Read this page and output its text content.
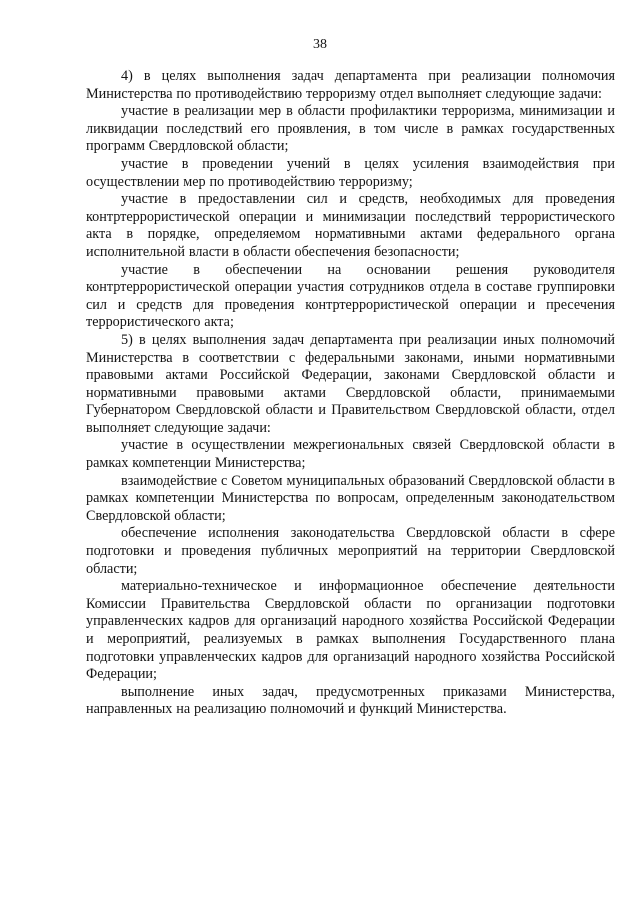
38

4) в целях выполнения задач департамента при реализации полномочия Министерства по противодействию терроризму отдел выполняет следующие задачи:

участие в реализации мер в области профилактики терроризма, минимизации и ликвидации последствий его проявления, в том числе в рамках государственных программ Свердловской области;

участие в проведении учений в целях усиления взаимодействия при осуществлении мер по противодействию терроризму;

участие в предоставлении сил и средств, необходимых для проведения контртеррористической операции и минимизации последствий террористического акта в порядке, определяемом нормативными актами федерального органа исполнительной власти в области обеспечения безопасности;

участие в обеспечении на основании решения руководителя контртеррористической операции участия сотрудников отдела в составе группировки сил и средств для проведения контртеррористической операции и пресечения террористического акта;

5) в целях выполнения задач департамента при реализации иных полномочий Министерства в соответствии с федеральными законами, иными нормативными правовыми актами Российской Федерации, законами Свердловской области и нормативными правовыми актами Свердловской области, принимаемыми Губернатором Свердловской области и Правительством Свердловской области, отдел выполняет следующие задачи:

участие в осуществлении межрегиональных связей Свердловской области в рамках компетенции Министерства;

взаимодействие с Советом муниципальных образований Свердловской области в рамках компетенции Министерства по вопросам, определенным законодательством Свердловской области;

обеспечение исполнения законодательства Свердловской области в сфере подготовки и проведения публичных мероприятий на территории Свердловской области;

материально-техническое и информационное обеспечение деятельности Комиссии Правительства Свердловской области по организации подготовки управленческих кадров для организаций народного хозяйства Российской Федерации и мероприятий, реализуемых в рамках выполнения Государственного плана подготовки управленческих кадров для организаций народного хозяйства Российской Федерации;

выполнение иных задач, предусмотренных приказами Министерства, направленных на реализацию полномочий и функций Министерства.
